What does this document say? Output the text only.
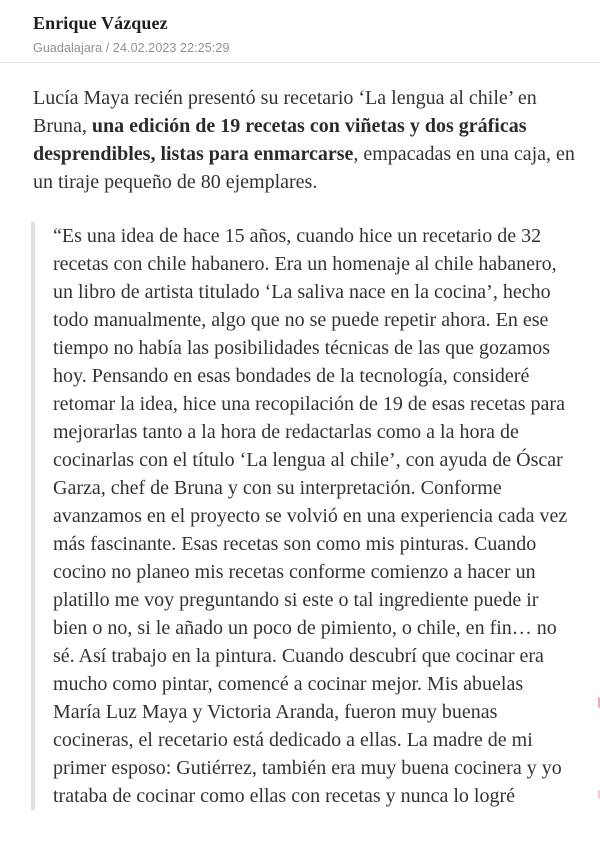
Enrique Vázquez
Guadalajara / 24.02.2023 22:25:29

Lucía Maya recién presentó su recetario ‘La lengua al chile’ en Bruna, una edición de 19 recetas con viñetas y dos gráficas desprendibles, listas para enmarcarse, empacadas en una caja, en un tiraje pequeño de 80 ejemplares.

“Es una idea de hace 15 años, cuando hice un recetario de 32 recetas con chile habanero. Era un homenaje al chile habanero, un libro de artista titulado ‘La saliva nace en la cocina’, hecho todo manualmente, algo que no se puede repetir ahora. En ese tiempo no había las posibilidades técnicas de las que gozamos hoy. Pensando en esas bondades de la tecnología, consideré retomar la idea, hice una recopilación de 19 de esas recetas para mejorarlas tanto a la hora de redactarlas como a la hora de cocinarlas con el título ‘La lengua al chile’, con ayuda de Óscar Garza, chef de Bruna y con su interpretación. Conforme avanzamos en el proyecto se volvió en una experiencia cada vez más fascinante. Esas recetas son como mis pinturas. Cuando cocino no planeo mis recetas conforme comienzo a hacer un platillo me voy preguntando si este o tal ingrediente puede ir bien o no, si le añado un poco de pimiento, o chile, en fin… no sé. Así trabajo en la pintura. Cuando descubrí que cocinar era mucho como pintar, comencé a cocinar mejor. Mis abuelas María Luz Maya y Victoria Aranda, fueron muy buenas cocineras, el recetario está dedicado a ellas. La madre de mi primer esposo: Gutiérrez, también era muy buena cocinera y yo trataba de cocinar como ellas con recetas y nunca lo logré
